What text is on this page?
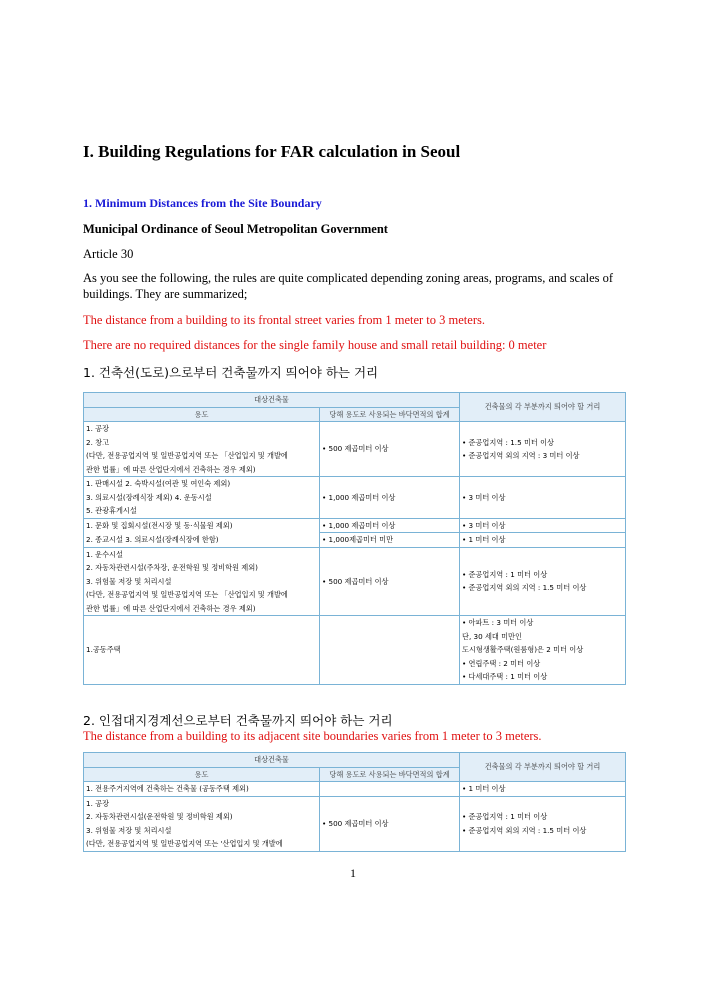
I. Building Regulations for FAR calculation in Seoul
1. Minimum Distances from the Site Boundary
Municipal Ordinance of Seoul Metropolitan Government
Article 30
As you see the following, the rules are quite complicated depending zoning areas, programs, and scales of buildings. They are summarized;
The distance from a building to its frontal street varies from 1 meter to 3 meters.
There are no required distances for the single family house and small retail building: 0 meter
1. 건축선(도로)으로부터 건축물까지 띄어야 하는 거리
대상건축물		건축물의 각 부분까지 띄어야 할 거리
용도	당해 용도로 사용되는 바닥면적의 합계	
1. 공장
2. 창고
(다만, 전용공업지역 및 일반공업지역 또는 「산업입지 및 개발에
관한 법률」에 따른 산업단지에서 건축하는 경우 제외)	• 500 제곱미터 이상	• 준공업지역 : 1.5 미터 이상
• 준공업지역 외의 지역 : 3 미터 이상
1. 판매시설 2. 숙박시설(여관 및 여인숙 제외)
3. 의료시설(장례식장 제외) 4. 운동시설
5. 관광휴게시설	• 1,000 제곱미터 이상	• 3 미터 이상
1. 문화 및 집회시설(전시장 및 동·식물원 제외)
2. 종교시설 3. 의료시설(장례식장에 한함)	• 1,000 제곱미터 이상	• 3 미터 이상
	• 1,000제곱미터 미만	• 1 미터 이상
1. 운수시설
2. 자동차관련시설(주차장, 운전학원 및 정비학원 제외)
3. 위험물 저장 및 처리시설
(다만, 전용공업지역 및 일반공업지역 또는 「산업입지 및 개발에
관한 법률」에 따른 산업단지에서 건축하는 경우 제외)	• 500 제곱미터 이상	• 준공업지역 : 1 미터 이상
• 준공업지역 외의 지역 : 1.5 미터 이상
1.공동주택		• 아파트 : 3 미터 이상
단, 30 세대 미만인
도시형생활주택(원룸형)은 2 미터 이상
• 연립주택 : 2 미터 이상
• 다세대주택 : 1 미터 이상
2. 인접대지경계선으로부터 건축물까지 띄어야 하는 거리
The distance from a building to its adjacent site boundaries varies from 1 meter to 3 meters.
대상건축물		건축물의 각 부분까지 띄어야 할 거리
용도	당해 용도로 사용되는 바닥면적의 합계	
1. 전용주거지역에 건축하는 건축물 (공동주택 제외)		• 1 미터 이상
1. 공장
2. 자동차관련시설(운전학원 및 정비학원 제외)
3. 위험물 저장 및 처리시설
(다만, 전용공업지역 및 일반공업지역 또는 '산업입지 및 개발에	• 500 제곱미터 이상	• 준공업지역 : 1 미터 이상
• 준공업지역 외의 지역 : 1.5 미터 이상
1
